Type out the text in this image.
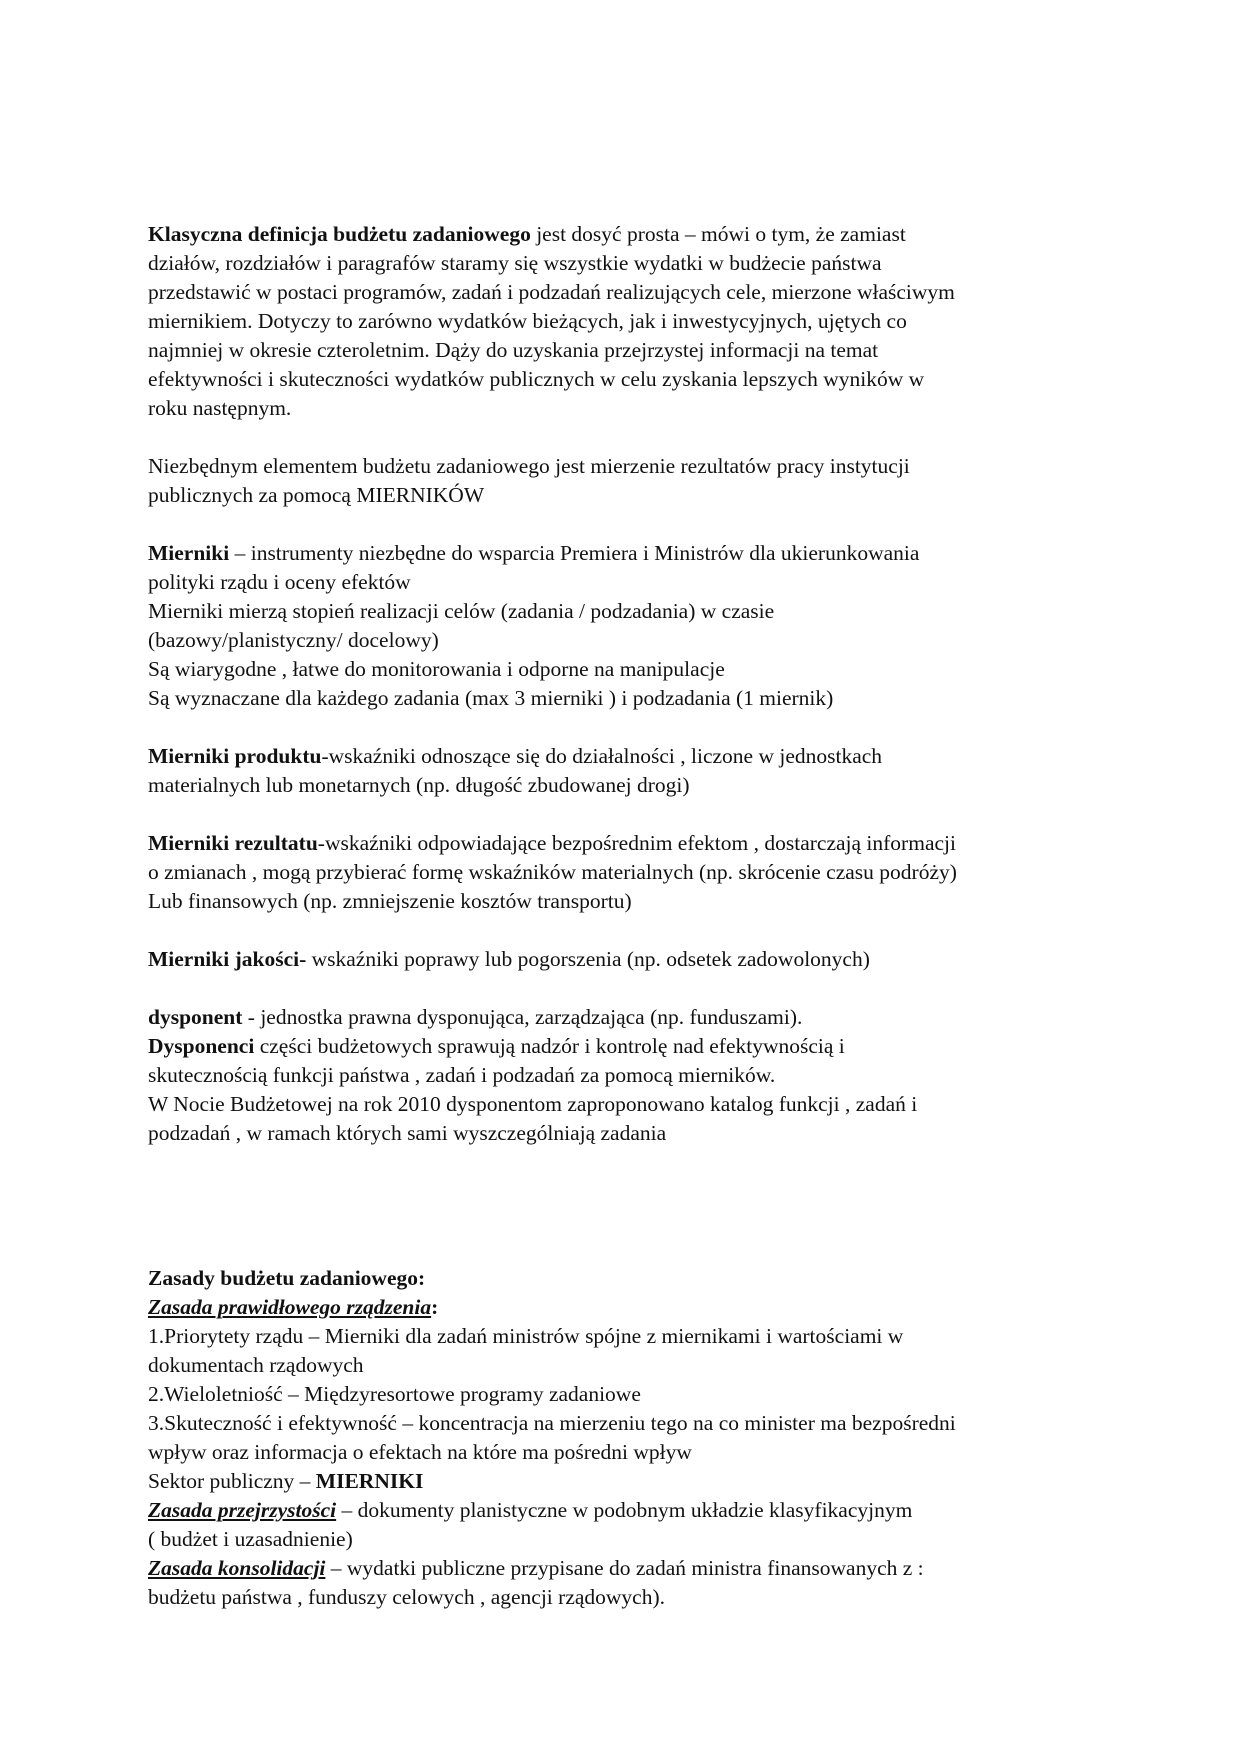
Klasyczna definicja budżetu zadaniowego jest dosyć prosta – mówi o tym, że zamiast
działów, rozdziałów i paragrafów staramy się wszystkie wydatki w budżecie państwa
przedstawić w postaci programów, zadań i podzadań realizujących cele, mierzone właściwym
miernikiem. Dotyczy to zarówno wydatków bieżących, jak i inwestycyjnych, ujętych co
najmniej w okresie czteroletnim. Dąży do uzyskania przejrzystej informacji na temat
efektywności i skuteczności wydatków publicznych w celu zyskania lepszych wyników w
roku następnym.
Niezbędnym elementem budżetu zadaniowego jest mierzenie rezultatów pracy instytucji
publicznych za pomocą MIERNIKÓW
Mierniki – instrumenty niezbędne do wsparcia Premiera i Ministrów dla ukierunkowania
polityki rządu i oceny efektów
Mierniki mierzą stopień realizacji celów (zadania / podzadania) w czasie
(bazowy/planistyczny/ docelowy)
Są wiarygodne , łatwe do monitorowania i odporne na manipulacje
Są wyznaczane dla każdego zadania (max 3 mierniki ) i podzadania (1 miernik)
Mierniki produktu-wskaźniki odnoszące się do działalności , liczone w jednostkach
materialnych lub monetarnych (np. długość zbudowanej drogi)
Mierniki rezultatu-wskaźniki odpowiadające bezpośrednim efektom , dostarczają informacji
o zmianach , mogą przybierać formę wskaźników materialnych (np. skrócenie czasu podróży)
Lub finansowych (np. zmniejszenie kosztów transportu)
Mierniki jakości- wskaźniki poprawy lub pogorszenia (np. odsetek zadowolonych)
dysponent - jednostka prawna dysponująca, zarządzająca (np. funduszami).
Dysponenci części budżetowych sprawują nadzór i kontrolę nad efektywnością i
skutecznością funkcji państwa , zadań i podzadań za pomocą mierników.
W Nocie Budżetowej na rok 2010 dysponentom zaproponowano katalog funkcji , zadań i
podzadań , w ramach których sami wyszczególniają zadania
Zasady budżetu zadaniowego:
Zasada prawidłowego rządzenia:
1.Priorytety rządu – Mierniki dla zadań ministrów spójne z miernikami i wartościami w
dokumentach rządowych
2.Wieloletniość – Międzyresortowe programy zadaniowe
3.Skuteczność i efektywność – koncentracja na mierzeniu tego na co minister ma bezpośredni
wpływ oraz informacja o efektach na które ma pośredni wpływ
Sektor publiczny – MIERNIKI
Zasada przejrzystości – dokumenty planistyczne w podobnym układzie klasyfikacyjnym
( budżet i uzasadnienie)
Zasada konsolidacji – wydatki publiczne przypisane do zadań ministra finansowanych z :
budżetu państwa , funduszy celowych , agencji rządowych).
